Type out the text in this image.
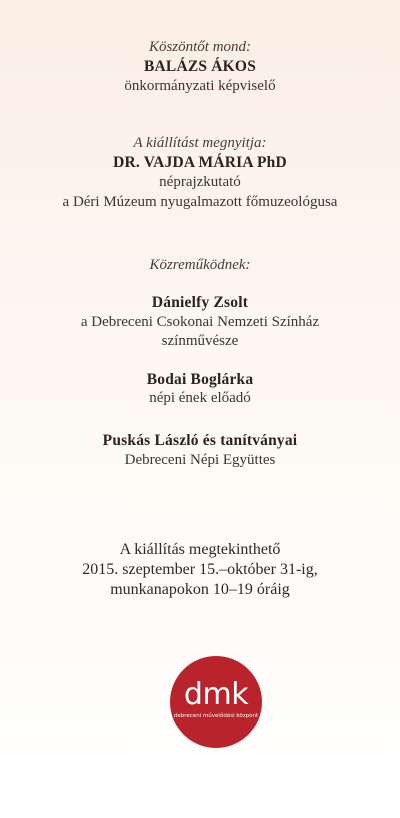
Köszöntőt mond:
BALÁZS ÁKOS
önkormányzati képviselő
A kiállítást megnyitja:
DR. VAJDA MÁRIA PhD
néprajzkutató
a Déri Múzeum nyugalmazott főmuzeológusa
Közreműködnek:
Dánielfy Zsolt
a Debreceni Csokonai Nemzeti Színház
színművésze
Bodai Boglárka
népi ének előadó
Puskás László és tanítványai
Debreceni Népi Együttes
A kiállítás megtekinthető
2015. szeptember 15.–október 31-ig,
munkanapokon 10–19 óráig
dmk
debreceni művelődési központ
